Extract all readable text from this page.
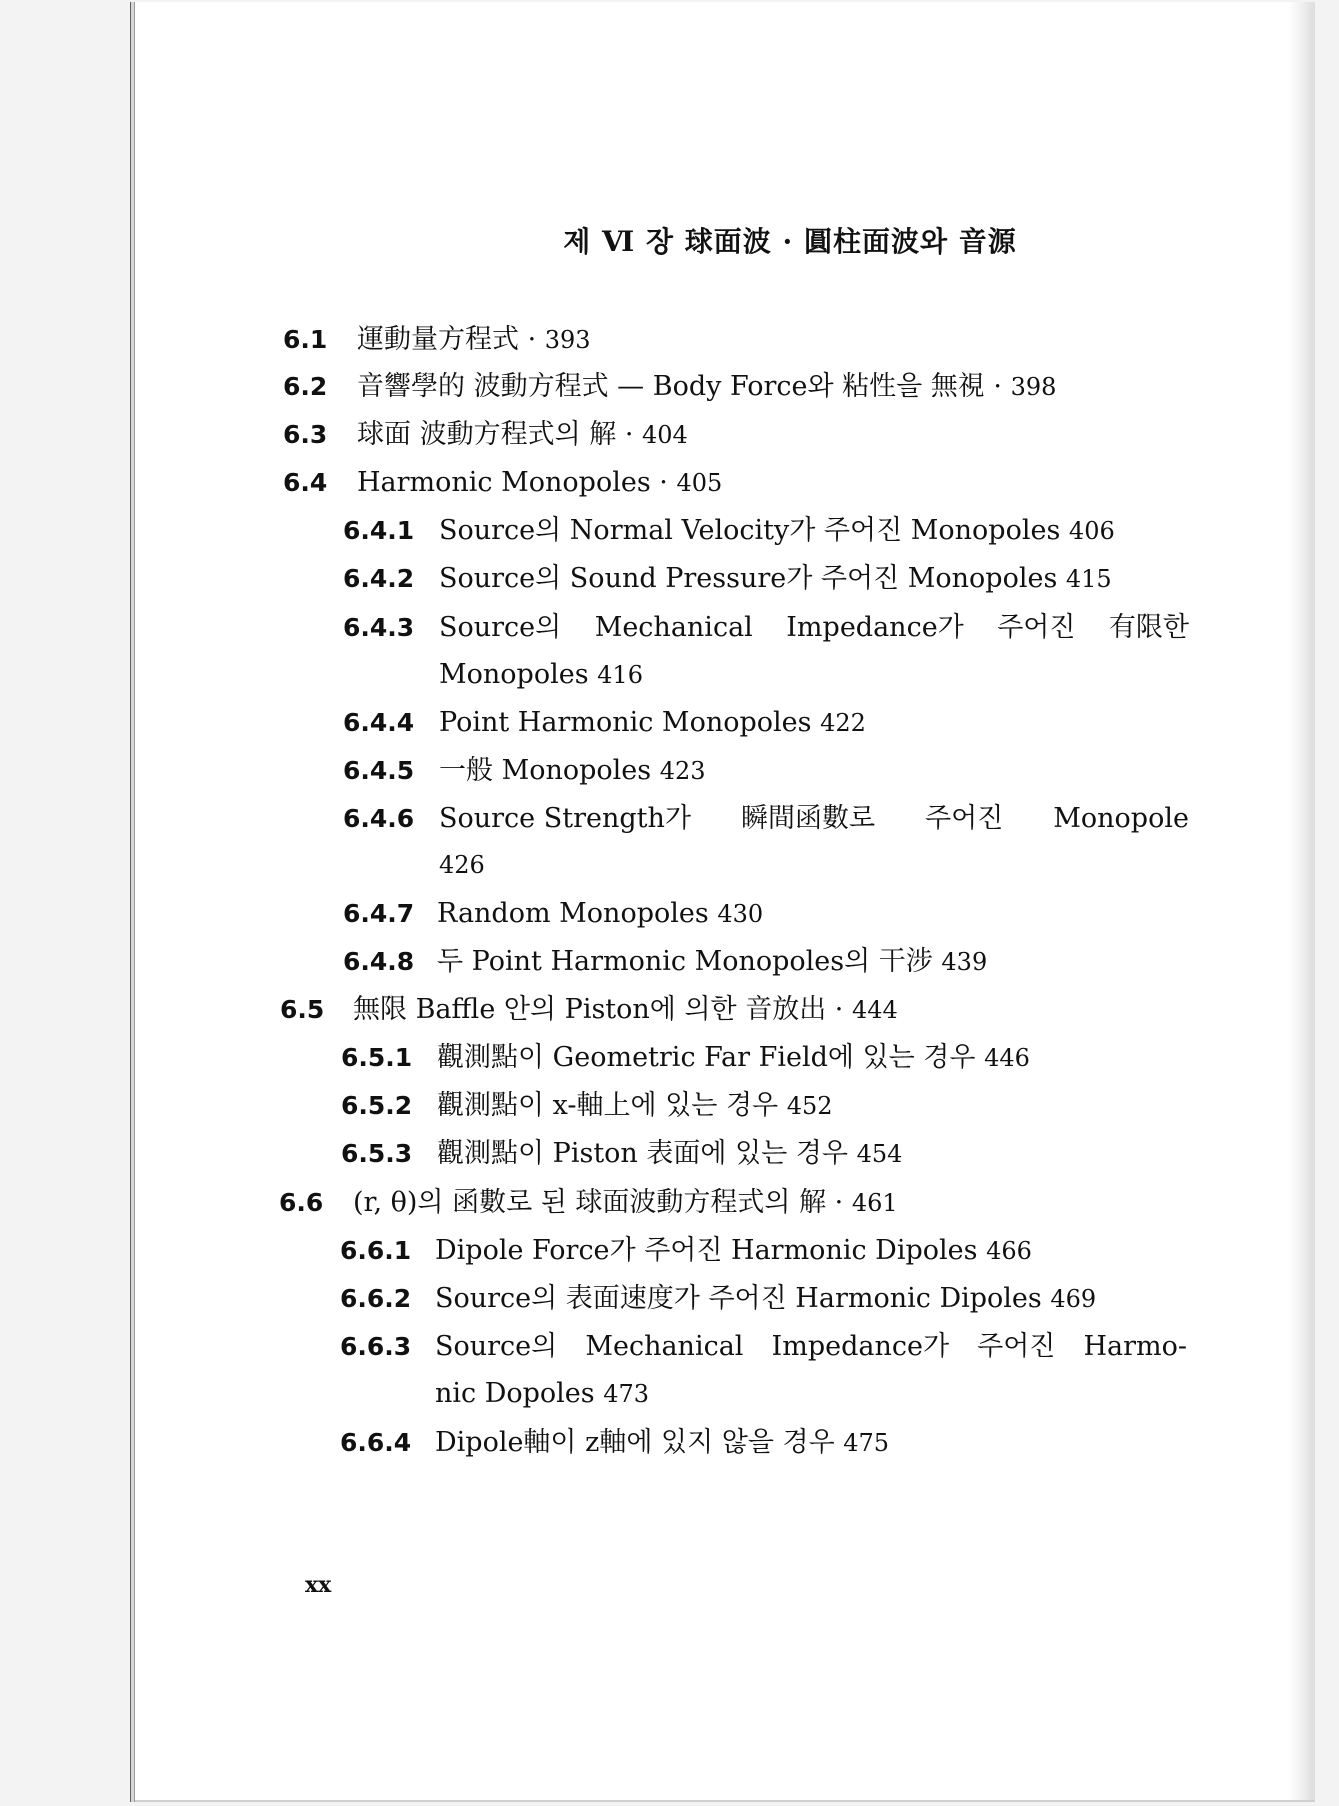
제 Ⅵ 장 球面波 · 圓柱面波와 音源
6.1 運動量方程式 · 393
6.2 音響學的 波動方程式 — Body Force와 粘性을 無視 · 398
6.3 球面 波動方程式의 解 · 404
6.4 Harmonic Monopoles · 405
6.4.1 Source의 Normal Velocity가 주어진 Monopoles 406
6.4.2 Source의 Sound Pressure가 주어진 Monopoles 415
6.4.3 Source의 Mechanical Impedance가 주어진 有限한
Monopoles 416
6.4.4 Point Harmonic Monopoles 422
6.4.5 一般 Monopoles 423
6.4.6 Source Strength가 瞬間函數로 주어진 Monopole
426
6.4.7 Random Monopoles 430
6.4.8 두 Point Harmonic Monopoles의 干涉 439
6.5 無限 Baffle 안의 Piston에 의한 音放出 · 444
6.5.1 觀測點이 Geometric Far Field에 있는 경우 446
6.5.2 觀測點이 x-軸上에 있는 경우 452
6.5.3 觀測點이 Piston 表面에 있는 경우 454
6.6 (r, θ)의 函數로 된 球面波動方程式의 解 · 461
6.6.1 Dipole Force가 주어진 Harmonic Dipoles 466
6.6.2 Source의 表面速度가 주어진 Harmonic Dipoles 469
6.6.3 Source의 Mechanical Impedance가 주어진 Harmo-
nic Dopoles 473
6.6.4 Dipole軸이 z軸에 있지 않을 경우 475
xx
